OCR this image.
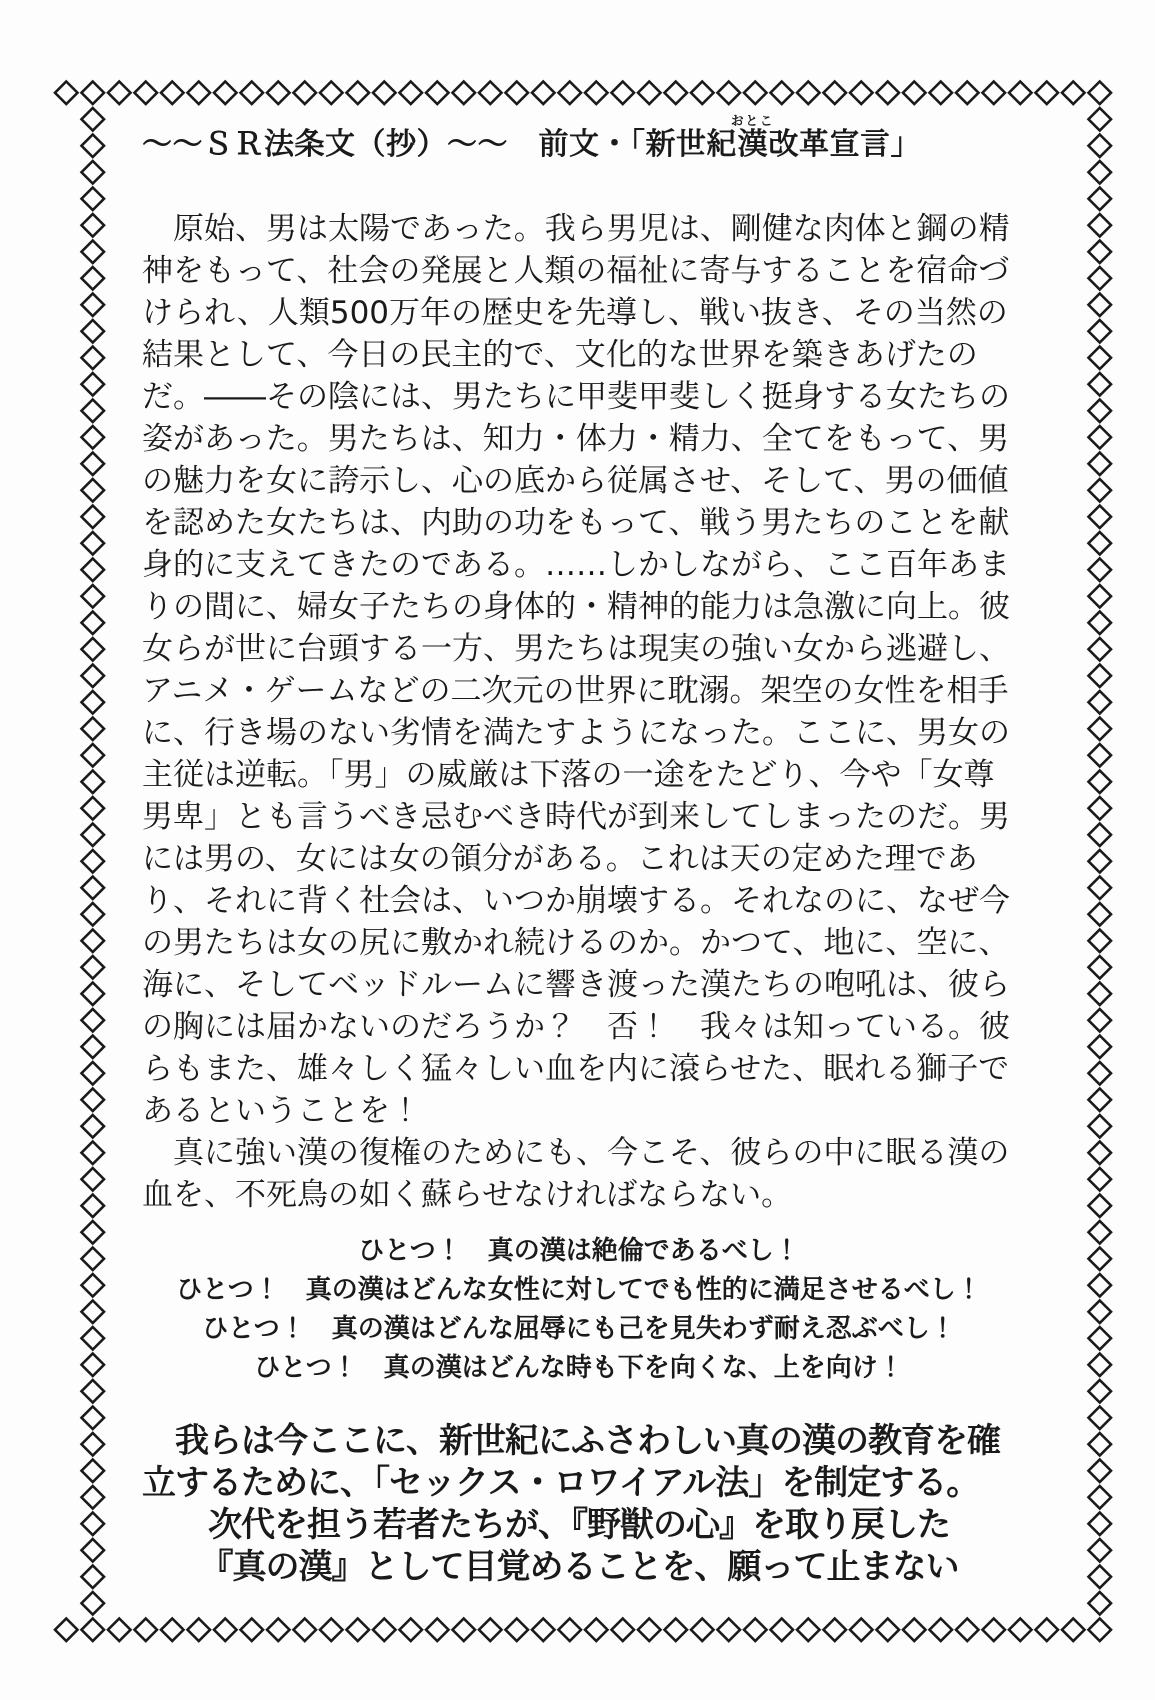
～～ＳＲ法条文（抄）～～　前文・「新世紀漢おとこ改革宣言」
　原始、男は太陽であった。我ら男児は、剛健な肉体と鋼の精
神をもって、社会の発展と人類の福祉に寄与することを宿命づ
けられ、人類500万年の歴史を先導し、戦い抜き、その当然の
結果として、今日の民主的で、文化的な世界を築きあげたの
だ。――その陰には、男たちに甲斐甲斐しく挺身する女たちの
姿があった。男たちは、知力・体力・精力、全てをもって、男
の魅力を女に誇示し、心の底から従属させ、そして、男の価値
を認めた女たちは、内助の功をもって、戦う男たちのことを献
身的に支えてきたのである。……しかしながら、ここ百年あま
りの間に、婦女子たちの身体的・精神的能力は急激に向上。彼
女らが世に台頭する一方、男たちは現実の強い女から逃避し、
アニメ・ゲームなどの二次元の世界に耽溺。架空の女性を相手
に、行き場のない劣情を満たすようになった。ここに、男女の
主従は逆転。「男」の威厳は下落の一途をたどり、今や「女尊
男卑」とも言うべき忌むべき時代が到来してしまったのだ。男
には男の、女には女の領分がある。これは天の定めた理であ
り、それに背く社会は、いつか崩壊する。それなのに、なぜ今
の男たちは女の尻に敷かれ続けるのか。かつて、地に、空に、
海に、そしてベッドルームに響き渡った漢たちの咆吼は、彼ら
の胸には届かないのだろうか？　否！　我々は知っている。彼
らもまた、雄々しく猛々しい血を内に滾らせた、眠れる獅子で
あるということを！
　真に強い漢の復権のためにも、今こそ、彼らの中に眠る漢の
血を、不死鳥の如く蘇らせなければならない。
ひとつ！　真の漢は絶倫であるべし！
ひとつ！　真の漢はどんな女性に対してでも性的に満足させるべし！
ひとつ！　真の漢はどんな屈辱にも己を見失わず耐え忍ぶべし！
ひとつ！　真の漢はどんな時も下を向くな、上を向け！
　我らは今ここに、新世紀にふさわしい真の漢の教育を確
立するために、「セックス・ロワイアル法」を制定する。
次代を担う若者たちが、『野獣の心』を取り戻した
『真の漢』として目覚めることを、願って止まない
